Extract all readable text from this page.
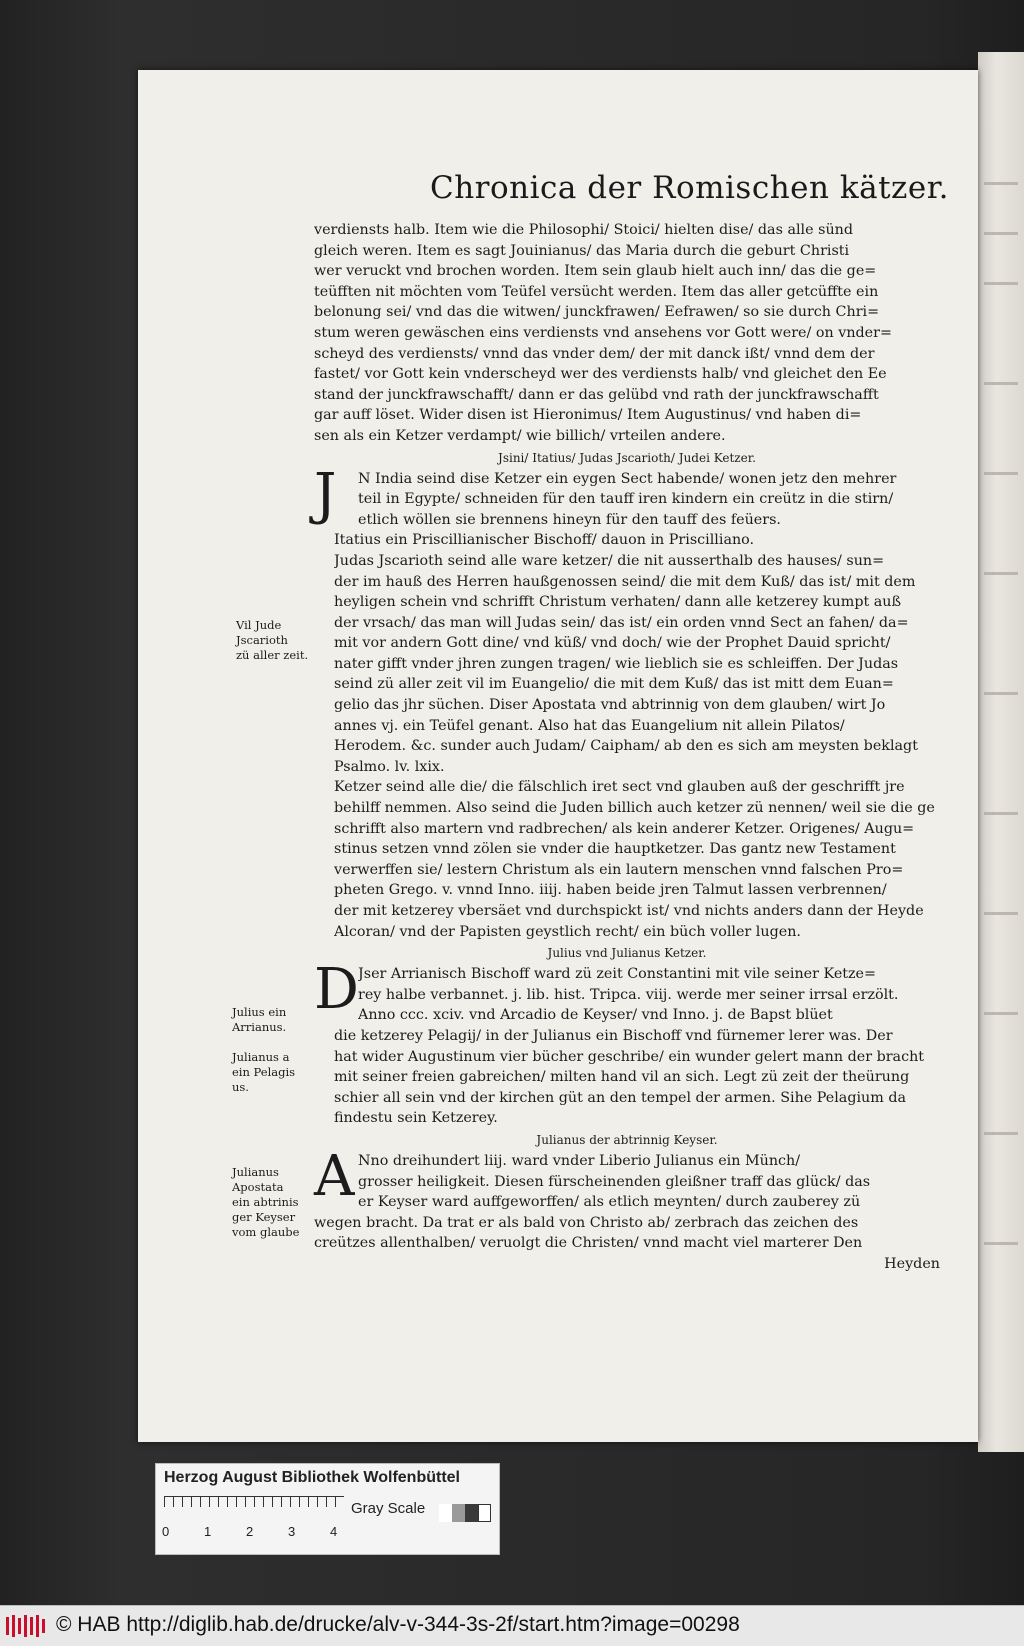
Chronica der Romischen kätzer.
verdiensts halb. Item wie die Philosophi/ Stoici/ hielten dise/ das alle sünd
gleich weren. Item es sagt Jouinianus/ das Maria durch die geburt Christi
wer veruckt vnd brochen worden. Item sein glaub hielt auch inn/ das die ge=
teüfften nit möchten vom Teüfel versücht werden. Item das aller getcüffte ein
belonung sei/ vnd das die witwen/ junckfrawen/ Eefrawen/ so sie durch Chri=
stum weren gewäschen eins verdiensts vnd ansehens vor Gott were/ on vnder=
scheyd des verdiensts/ vnnd das vnder dem/ der mit danck ißt/ vnnd dem der
fastet/ vor Gott kein vnderscheyd wer des verdiensts halb/ vnd gleichet den Ee
stand der junckfrawschafft/ dann er das gelübd vnd rath der junckfrawschafft
gar auff löset. Wider disen ist Hieronimus/ Item Augustinus/ vnd haben di=
sen als ein Ketzer verdampt/ wie billich/ vrteilen andere.
Jsini/ Itatius/ Judas Jscarioth/ Judei Ketzer.
J	N India seind dise Ketzer ein eygen Sect habende/ wonen jetz den mehrer
teil in Egypte/ schneiden für den tauff iren kindern ein creütz in die stirn/
etlich wöllen sie brennens hineyn für den tauff des feüers.
Itatius ein Priscillianischer Bischoff/ dauon in Priscilliano.
Judas Jscarioth seind alle ware ketzer/ die nit ausserthalb des hauses/ sun=
der im hauß des Herren haußgenossen seind/ die mit dem Kuß/ das ist/ mit dem
heyligen schein vnd schrifft Christum verhaten/ dann alle ketzerey kumpt auß
der vrsach/ das man will Judas sein/ das ist/ ein orden vnnd Sect an fahen/ da=
mit vor andern Gott dine/ vnd küß/ vnd doch/ wie der Prophet Dauid spricht/
nater gifft vnder jhren zungen tragen/ wie lieblich sie es schleiffen. Der Judas
seind zü aller zeit vil im Euangelio/ die mit dem Kuß/ das ist mitt dem Euan=
gelio das jhr süchen. Diser Apostata vnd abtrinnig von dem glauben/ wirt Jo
annes vj. ein Teüfel genant. Also hat das Euangelium nit allein Pilatos/
Herodem. &c. sunder auch Judam/ Caipham/ ab den es sich am meysten beklagt
Psalmo. lv. lxix.
Ketzer seind alle die/ die fälschlich iret sect vnd glauben auß der geschrifft jre
behilff nemmen. Also seind die Juden billich auch ketzer zü nennen/ weil sie die ge
schrifft also martern vnd radbrechen/ als kein anderer Ketzer. Origenes/ Augu=
stinus setzen vnnd zölen sie vnder die hauptketzer. Das gantz new Testament
verwerffen sie/ lestern Christum als ein lautern menschen vnnd falschen Pro=
pheten Grego. v. vnnd Inno. iiij. haben beide jren Talmut lassen verbrennen/
der mit ketzerey vbersäet vnd durchspickt ist/ vnd nichts anders dann der Heyde
Alcoran/ vnd der Papisten geystlich recht/ ein büch voller lugen.
Julius vnd Julianus Ketzer.
D Jser Arrianisch Bischoff ward zü zeit Constantini mit vile seiner Ketze=
rey halbe verbannet. j. lib. hist. Tripca. viij. werde mer seiner irrsal erzölt.
Anno ccc. xciv. vnd Arcadio de Keyser/ vnd Inno. j. de Bapst blüet
die ketzerey Pelagij/ in der Julianus ein Bischoff vnd fürnemer lerer was. Der
hat wider Augustinum vier bücher geschribe/ ein wunder gelert mann der bracht
mit seiner freien gabreichen/ milten hand vil an sich. Legt zü zeit der theürung
schier all sein vnd der kirchen güt an den tempel der armen. Sihe Pelagium da
findestu sein Ketzerey.
Julianus der abtrinnig Keyser.
A Nno dreihundert liij. ward vnder Liberio Julianus ein Münch/
grosser heiligkeit. Diesen fürscheinenden gleißner traff das glück/ das
er Keyser ward auffgeworffen/ als etlich meynten/ durch zauberey zü
wegen bracht. Da trat er als bald von Christo ab/ zerbrach das zeichen des
creützes allenthalben/ veruolgt die Christen/ vnnd macht viel marterer Den
Heyden
Vil Jude
Jscarioth
zü aller zeit.
Julius ein
Arrianus.
Julianus a
ein Pelagis
us.
Julianus
Apostata
ein abtrinis
ger Keyser
vom glaube
Herzog August Bibliothek Wolfenbüttel
0	1	2	3	4
Gray Scale
© HAB http://diglib.hab.de/drucke/alv-v-344-3s-2f/start.htm?image=00298
